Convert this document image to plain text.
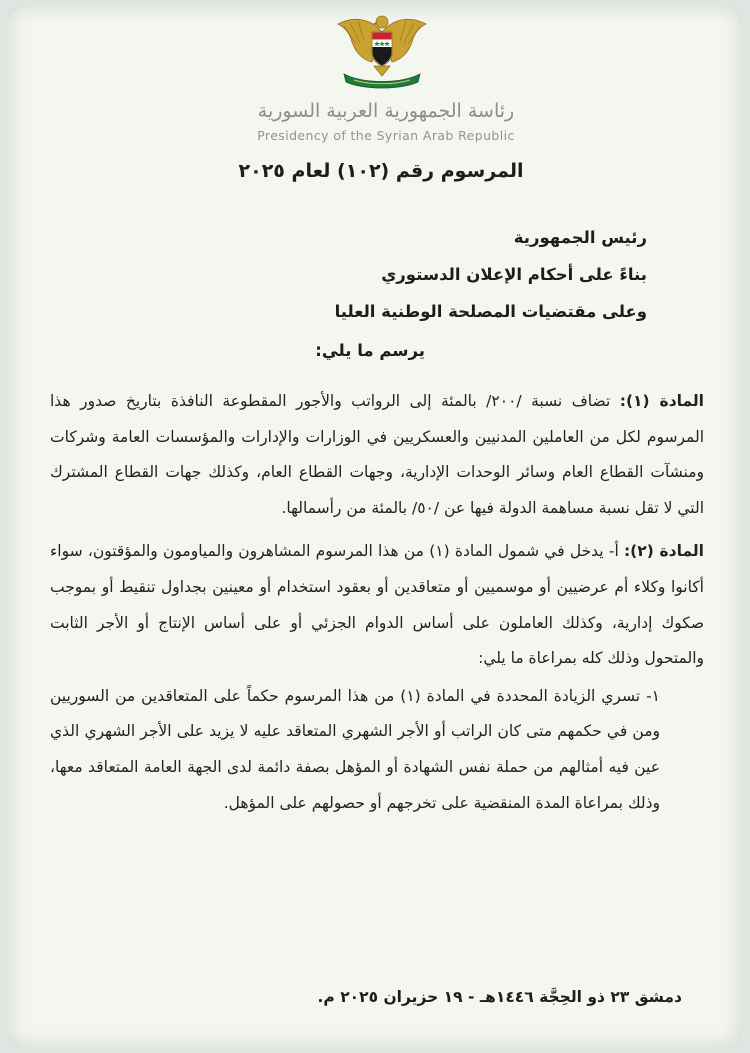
رئاسة الجمهورية العربية السورية
Presidency of the Syrian Arab Republic
المرسوم رقم (١٠٢) لعام ٢٠٢٥
رئيس الجمهورية
بناءً على أحكام الإعلان الدستوري
وعلى مقتضيات المصلحة الوطنية العليا
يرسم ما يلي:

المادة (١): تضاف نسبة /٢٠٠/ بالمئة إلى الرواتب والأجور المقطوعة النافذة بتاريخ صدور هذا المرسوم لكل من العاملين المدنيين والعسكريين في الوزارات والإدارات والمؤسسات العامة وشركات ومنشآت القطاع العام وسائر الوحدات الإدارية، وجهات القطاع العام، وكذلك جهات القطاع المشترك التي لا تقل نسبة مساهمة الدولة فيها عن /٥٠/ بالمئة من رأسمالها.

المادة (٢): أ- يدخل في شمول المادة (١) من هذا المرسوم المشاهرون والمياومون والمؤقتون، سواء أكانوا وكلاء أم عرضيين أو موسميين أو متعاقدين أو بعقود استخدام أو معينين بجداول تنقيط أو بموجب صكوك إدارية، وكذلك العاملون على أساس الدوام الجزئي أو على أساس الإنتاج أو الأجر الثابت والمتحول وذلك كله بمراعاة ما يلي:

١- تسري الزيادة المحددة في المادة (١) من هذا المرسوم حكماً على المتعاقدين من السوريين ومن في حكمهم متى كان الراتب أو الأجر الشهري المتعاقد عليه لا يزيد على الأجر الشهري الذي عين فيه أمثالهم من حملة نفس الشهادة أو المؤهل بصفة دائمة لدى الجهة العامة المتعاقد معها، وذلك بمراعاة المدة المنقضية على تخرجهم أو حصولهم على المؤهل.

دمشق ٢٣ ذو الحِجَّة ١٤٤٦هـ - ١٩ حزيران ٢٠٢٥ م.
